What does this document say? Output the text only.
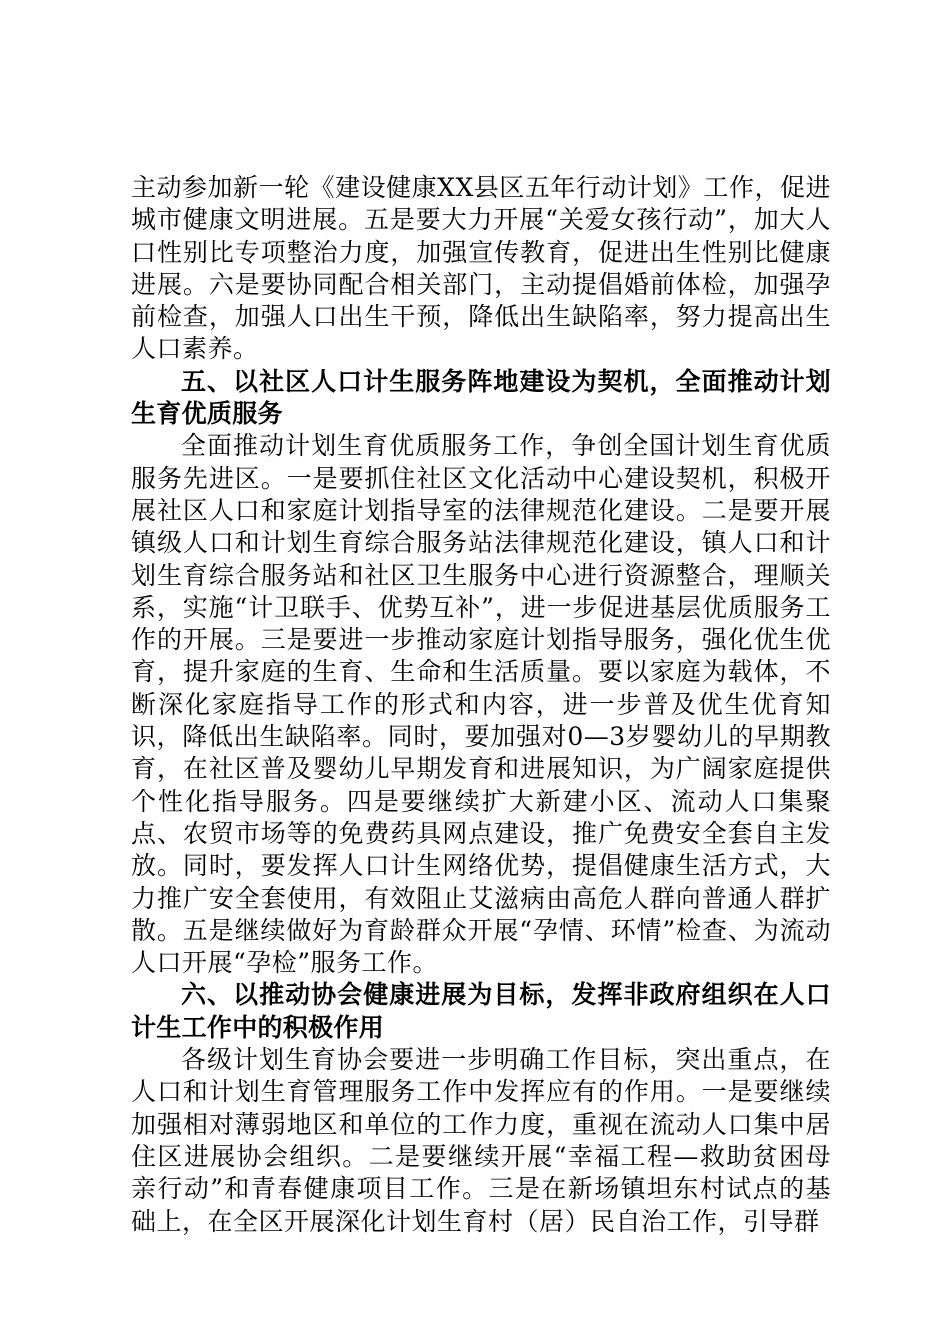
主动参加新一轮《建设健康XX县区五年行动计划》工作，促进城市健康文明进展。五是要大力开展“关爱女孩行动”，加大人口性别比专项整治力度，加强宣传教育，促进出生性别比健康进展。六是要协同配合相关部门，主动提倡婚前体检，加强孕前检查，加强人口出生干预，降低出生缺陷率，努力提高出生人口素养。

五、以社区人口计生服务阵地建设为契机，全面推动计划生育优质服务

全面推动计划生育优质服务工作，争创全国计划生育优质服务先进区。一是要抓住社区文化活动中心建设契机，积极开展社区人口和家庭计划指导室的法律规范化建设。二是要开展镇级人口和计划生育综合服务站法律规范化建设，镇人口和计划生育综合服务站和社区卫生服务中心进行资源整合，理顺关系，实施“计卫联手、优势互补”，进一步促进基层优质服务工作的开展。三是要进一步推动家庭计划指导服务，强化优生优育，提升家庭的生育、生命和生活质量。要以家庭为载体，不断深化家庭指导工作的形式和内容，进一步普及优生优育知识，降低出生缺陷率。同时，要加强对0—3岁婴幼儿的早期教育，在社区普及婴幼儿早期发育和进展知识，为广阔家庭提供个性化指导服务。四是要继续扩大新建小区、流动人口集聚点、农贸市场等的免费药具网点建设，推广免费安全套自主发放。同时，要发挥人口计生网络优势，提倡健康生活方式，大力推广安全套使用，有效阻止艾滋病由高危人群向普通人群扩散。五是继续做好为育龄群众开展“孕情、环情”检查、为流动人口开展“孕检”服务工作。

六、以推动协会健康进展为目标，发挥非政府组织在人口计生工作中的积极作用

各级计划生育协会要进一步明确工作目标，突出重点，在人口和计划生育管理服务工作中发挥应有的作用。一是要继续加强相对薄弱地区和单位的工作力度，重视在流动人口集中居住区进展协会组织。二是要继续开展“幸福工程—救助贫困母亲行动”和青春健康项目工作。三是在新场镇坦东村试点的基础上，在全区开展深化计划生育村（居）民自治工作，引导群
